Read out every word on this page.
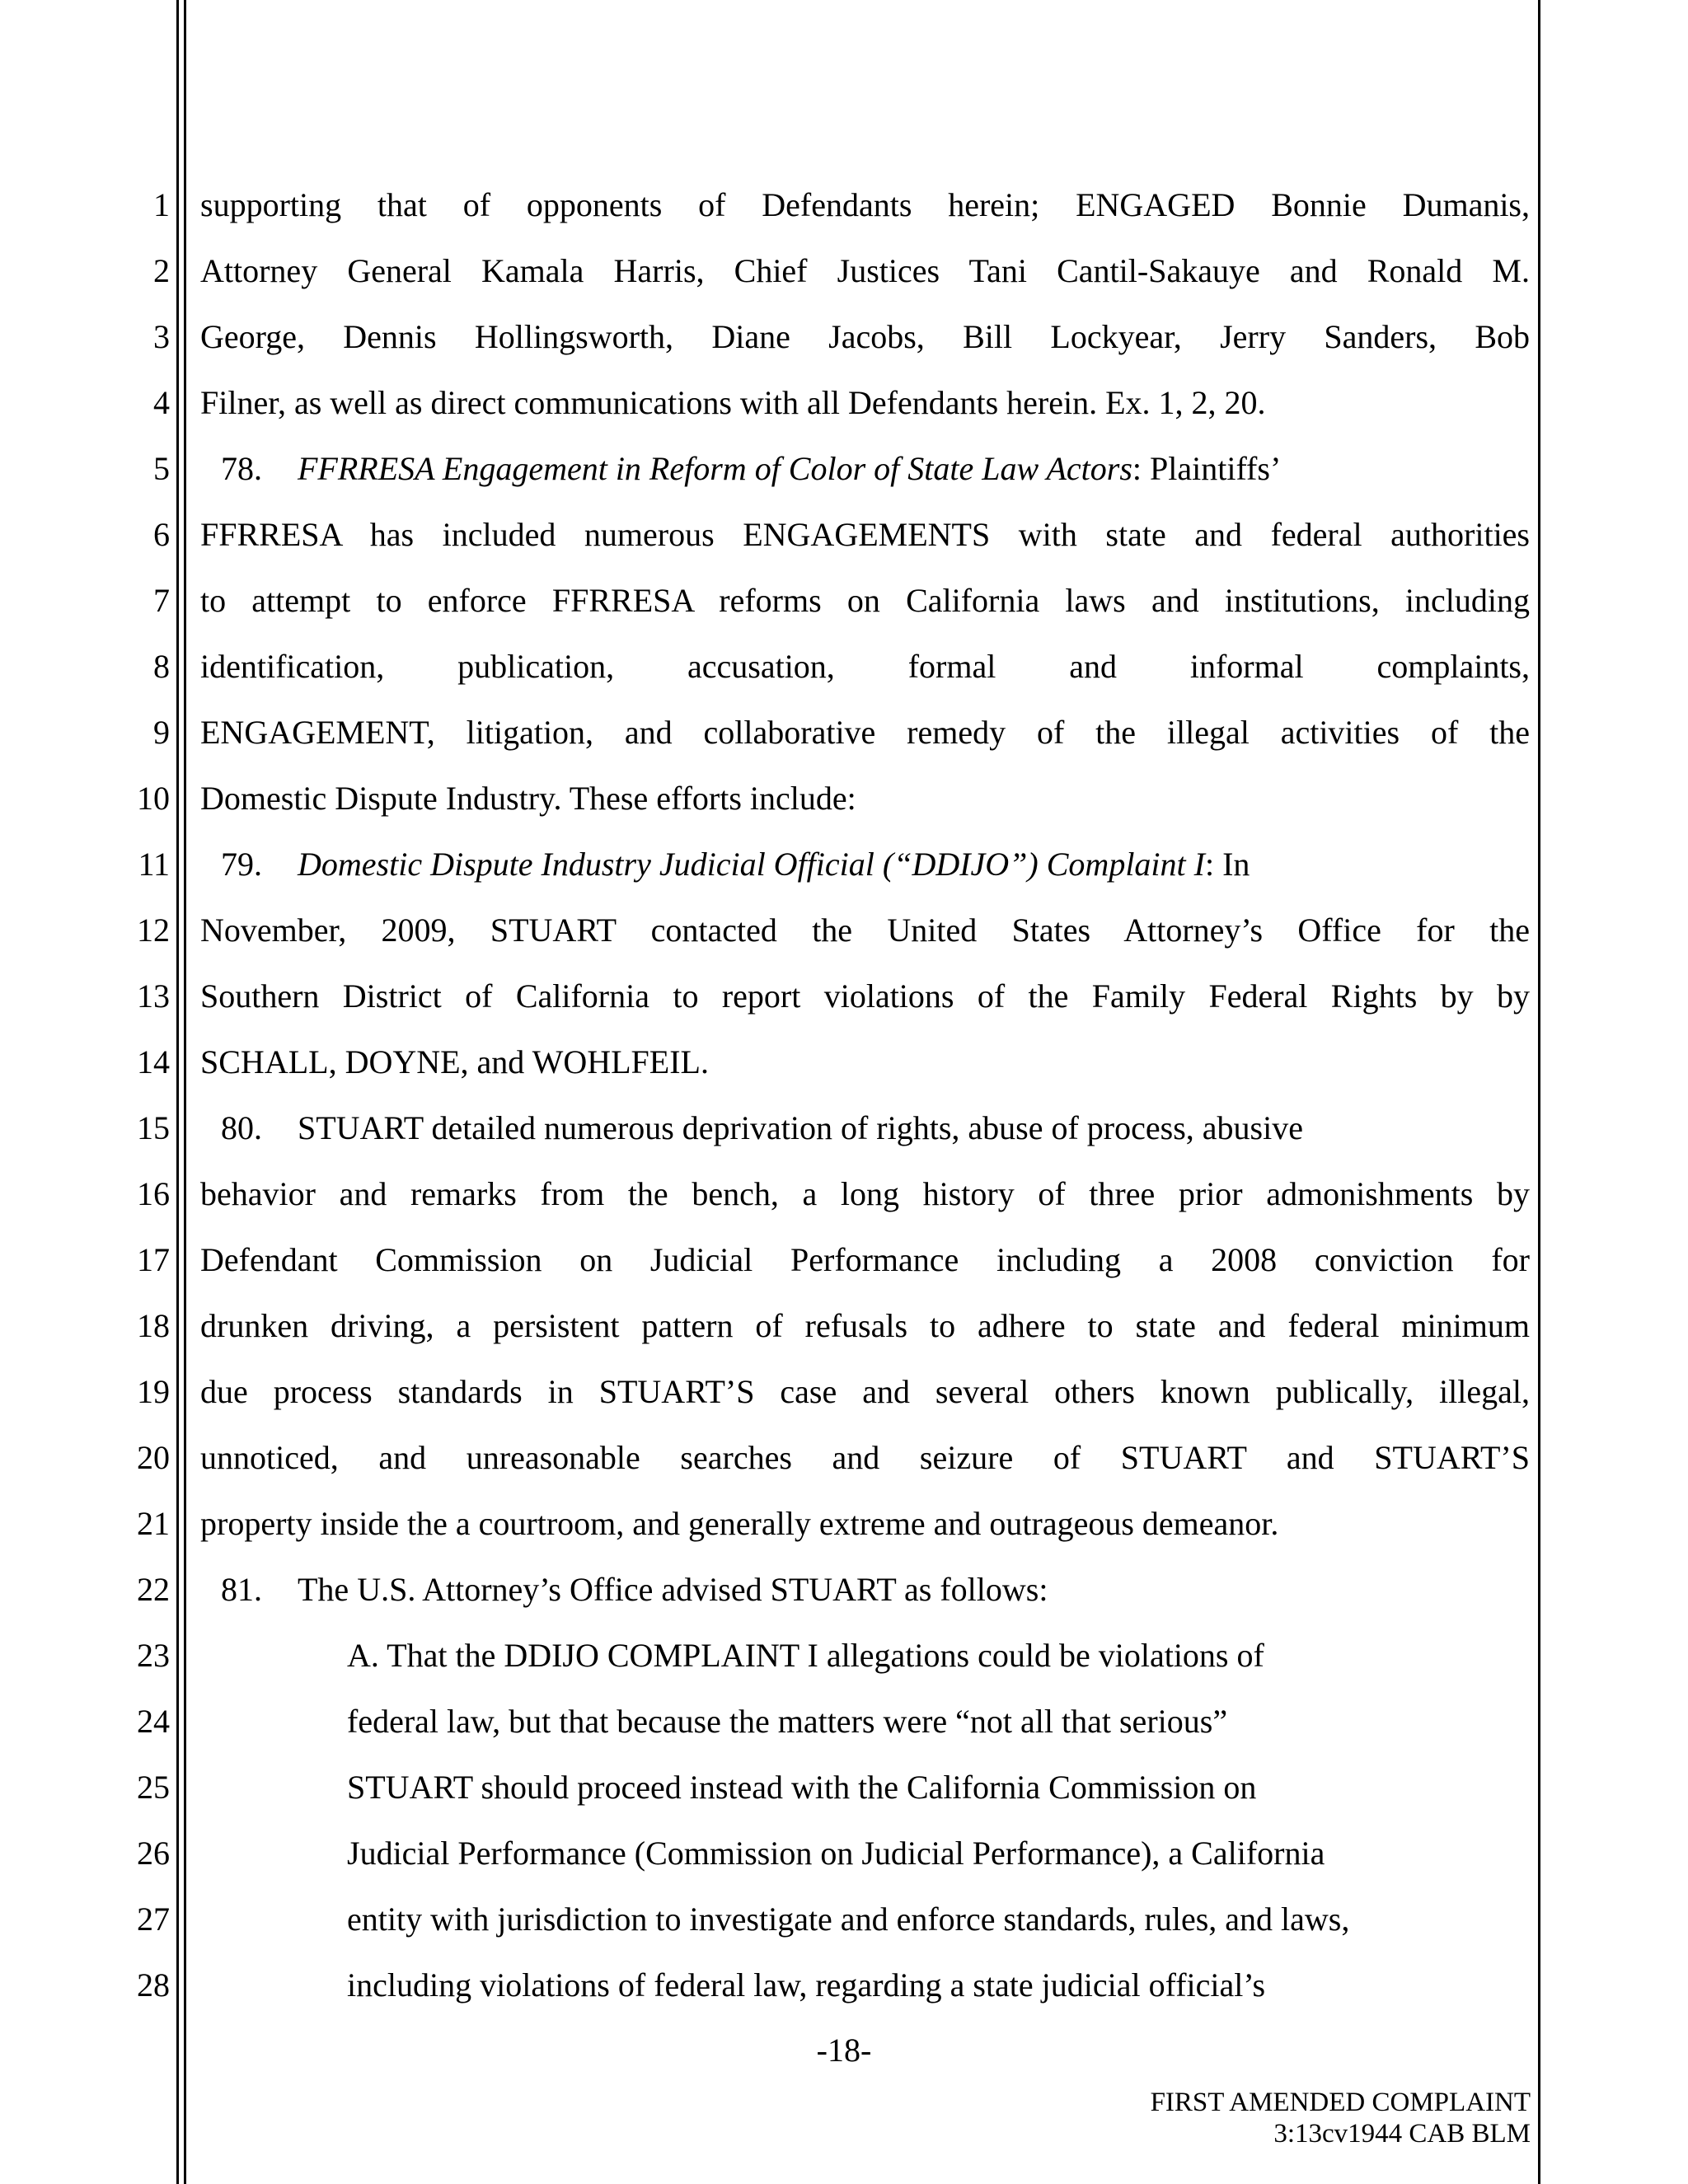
1
2
3
4
5
6
7
8
9
10
11
12
13
14
15
16
17
18
19
20
21
22
23
24
25
26
27
28
supporting that of opponents of Defendants herein; ENGAGED Bonnie Dumanis,
Attorney General Kamala Harris, Chief Justices Tani Cantil-Sakauye and Ronald M.
George, Dennis Hollingsworth, Diane Jacobs, Bill Lockyear, Jerry Sanders, Bob
Filner, as well as direct communications with all Defendants herein. Ex. 1, 2, 20.
78. FFRRESA Engagement in Reform of Color of State Law Actors: Plaintiffs’
FFRRESA has included numerous ENGAGEMENTS with state and federal authorities
to attempt to enforce FFRRESA reforms on California laws and institutions, including
identification, publication, accusation, formal and informal complaints,
ENGAGEMENT, litigation, and collaborative remedy of the illegal activities of the
Domestic Dispute Industry. These efforts include:
79. Domestic Dispute Industry Judicial Official (“DDIJO”) Complaint I: In
November, 2009, STUART contacted the United States Attorney’s Office for the
Southern District of California to report violations of the Family Federal Rights by by
SCHALL, DOYNE, and WOHLFEIL.
80. STUART detailed numerous deprivation of rights, abuse of process, abusive
behavior and remarks from the bench, a long history of three prior admonishments by
Defendant Commission on Judicial Performance including a 2008 conviction for
drunken driving, a persistent pattern of refusals to adhere to state and federal minimum
due process standards in STUART’S case and several others known publically, illegal,
unnoticed, and unreasonable searches and seizure of STUART and STUART’S
property inside the a courtroom, and generally extreme and outrageous demeanor.
81. The U.S. Attorney’s Office advised STUART as follows:
A. That the DDIJO COMPLAINT I allegations could be violations of
federal law, but that because the matters were “not all that serious”
STUART should proceed instead with the California Commission on
Judicial Performance (Commission on Judicial Performance), a California
entity with jurisdiction to investigate and enforce standards, rules, and laws,
including violations of federal law, regarding a state judicial official’s
-18-
FIRST AMENDED COMPLAINT
3:13cv1944 CAB BLM
